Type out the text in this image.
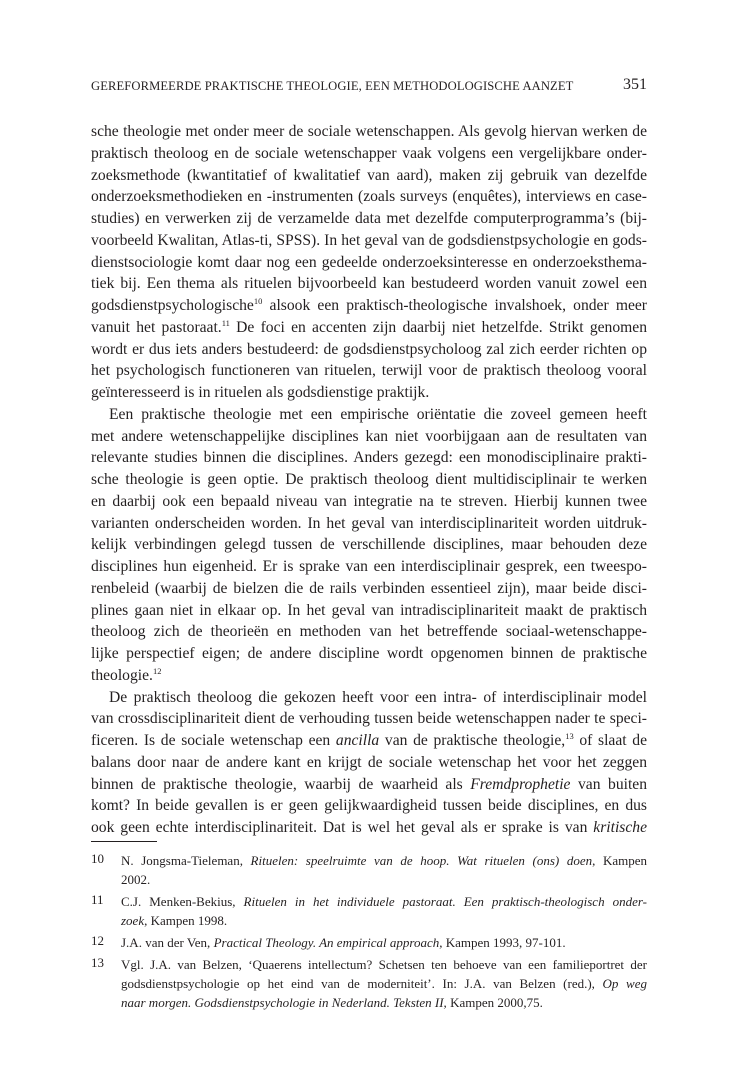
GEREFORMEERDE PRAKTISCHE THEOLOGIE, EEN METHODOLOGISCHE AANZET	351
sche theologie met onder meer de sociale wetenschappen. Als gevolg hiervan werken de
praktisch theoloog en de sociale wetenschapper vaak volgens een vergelijkbare onder-
zoeksmethode (kwantitatief of kwalitatief van aard), maken zij gebruik van dezelfde
onderzoeksmethodieken en -instrumenten (zoals surveys (enquêtes), interviews en case-
studies) en verwerken zij de verzamelde data met dezelfde computerprogramma’s (bij-
voorbeeld Kwalitan, Atlas-ti, SPSS). In het geval van de godsdienstpsychologie en gods-
dienstsociologie komt daar nog een gedeelde onderzoeksinteresse en onderzoeksthema-
tiek bij. Een thema als rituelen bijvoorbeeld kan bestudeerd worden vanuit zowel een
godsdienstpsychologische$^{10}$ alsook een praktisch-theologische invalshoek, onder meer
vanuit het pastoraat.$^{11}$ De foci en accenten zijn daarbij niet hetzelfde. Strikt genomen
wordt er dus iets anders bestudeerd: de godsdienstpsycholoog zal zich eerder richten op
het psychologisch functioneren van rituelen, terwijl voor de praktisch theoloog vooral
geïnteresseerd is in rituelen als godsdienstige praktijk.
Een praktische theologie met een empirische oriëntatie die zoveel gemeen heeft
met andere wetenschappelijke disciplines kan niet voorbijgaan aan de resultaten van
relevante studies binnen die disciplines. Anders gezegd: een monodisciplinaire prakti-
sche theologie is geen optie. De praktisch theoloog dient multidisciplinair te werken
en daarbij ook een bepaald niveau van integratie na te streven. Hierbij kunnen twee
varianten onderscheiden worden. In het geval van interdisciplinariteit worden uitdruk-
kelijk verbindingen gelegd tussen de verschillende disciplines, maar behouden deze
disciplines hun eigenheid. Er is sprake van een interdisciplinair gesprek, een tweespo-
renbeleid (waarbij de bielzen die de rails verbinden essentieel zijn), maar beide disci-
plines gaan niet in elkaar op. In het geval van intradisciplinariteit maakt de praktisch
theoloog zich de theorieën en methoden van het betreffende sociaal-wetenschappe-
lijke perspectief eigen; de andere discipline wordt opgenomen binnen de praktische
theologie.$^{12}$
De praktisch theoloog die gekozen heeft voor een intra- of interdisciplinair model
van crossdisciplinariteit dient de verhouding tussen beide wetenschappen nader te speci-
ficeren. Is de sociale wetenschap een ancilla van de praktische theologie,$^{13}$ of slaat de
balans door naar de andere kant en krijgt de sociale wetenschap het voor het zeggen
binnen de praktische theologie, waarbij de waarheid als Fremdprophetie van buiten
komt? In beide gevallen is er geen gelijkwaardigheid tussen beide disciplines, en dus
ook geen echte interdisciplinariteit. Dat is wel het geval als er sprake is van kritische
10 N. Jongsma-Tieleman, Rituelen: speelruimte van de hoop. Wat rituelen (ons) doen, Kampen
2002.
11 C.J. Menken-Bekius, Rituelen in het individuele pastoraat. Een praktisch-theologisch onder-
zoek, Kampen 1998.
12 J.A. van der Ven, Practical Theology. An empirical approach, Kampen 1993, 97-101.
13 Vgl. J.A. van Belzen, ‘Quaerens intellectum? Schetsen ten behoeve van een familieportret der
godsdienstpsychologie op het eind van de moderniteit’. In: J.A. van Belzen (red.), Op weg
naar morgen. Godsdienstpsychologie in Nederland. Teksten II, Kampen 2000,75.
